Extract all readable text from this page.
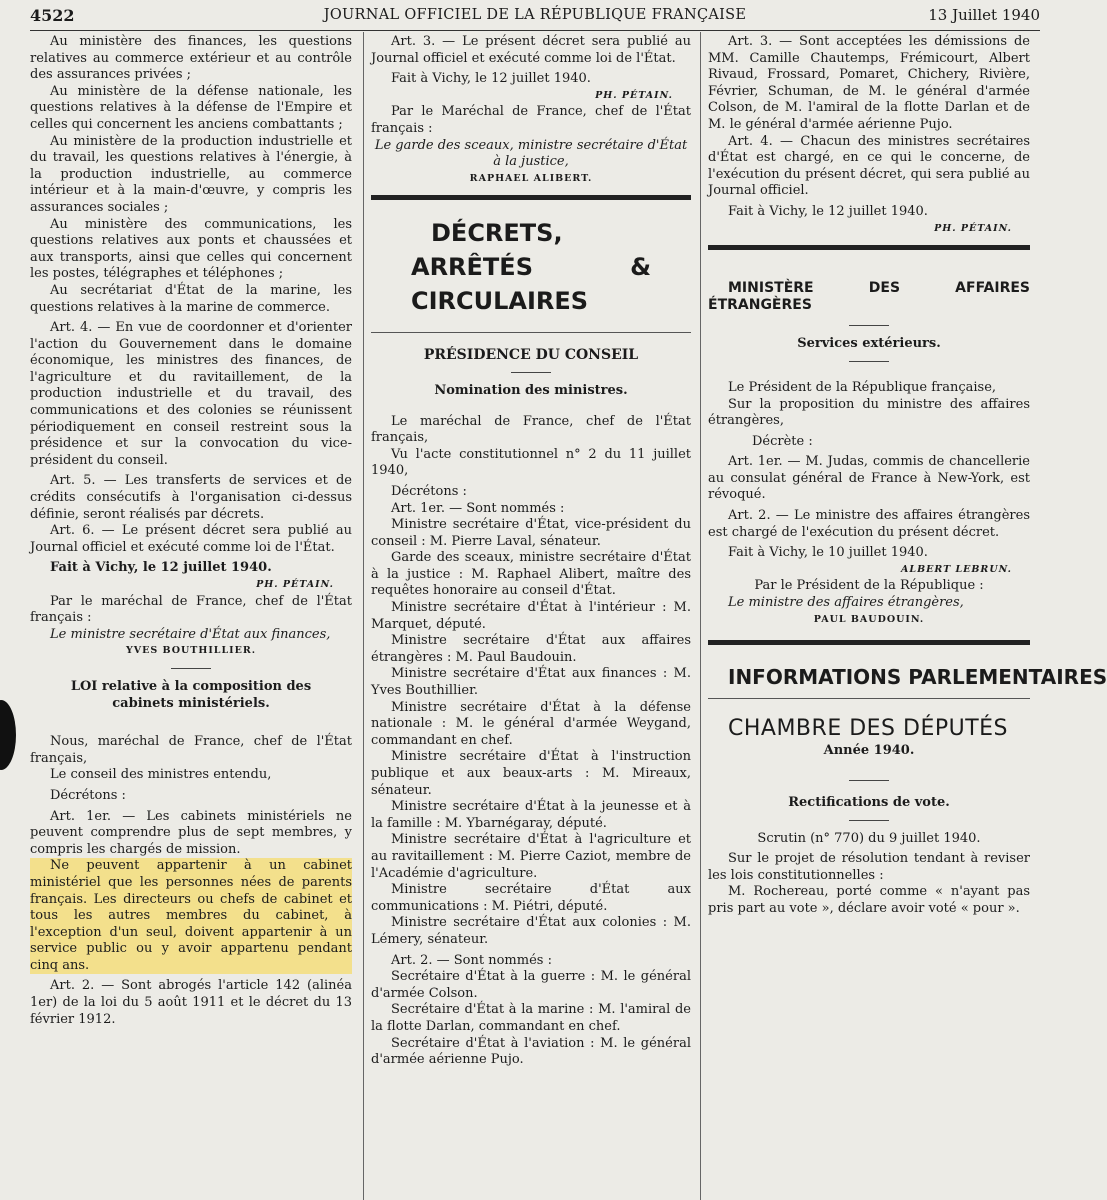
4522	JOURNAL OFFICIEL DE LA RÉPUBLIQUE FRANÇAISE	13 Juillet 1940

Au ministère des finances, les questions relatives au commerce extérieur et au contrôle des assurances privées ;

Au ministère de la défense nationale, les questions relatives à la défense de l'Empire et celles qui concernent les anciens combattants ;

Au ministère de la production industrielle et du travail, les questions relatives à l'énergie, à la production industrielle, au commerce intérieur et à la main-d'œuvre, y compris les assurances sociales ;

Au ministère des communications, les questions relatives aux ponts et chaussées et aux transports, ainsi que celles qui concernent les postes, télégraphes et téléphones ;

Au secrétariat d'État de la marine, les questions relatives à la marine de commerce.

Art. 4. — En vue de coordonner et d'orienter l'action du Gouvernement dans le domaine économique, les ministres des finances, de l'agriculture et du ravitaillement, de la production industrielle et du travail, des communications et des colonies se réunissent périodiquement en conseil restreint sous la présidence et sur la convocation du vice-président du conseil.

Art. 5. — Les transferts de services et de crédits consécutifs à l'organisation ci-dessus définie, seront réalisés par décrets.

Art. 6. — Le présent décret sera publié au Journal officiel et exécuté comme loi de l'État.

Fait à Vichy, le 12 juillet 1940.

PH. PÉTAIN.

Par le maréchal de France, chef de l'État français :

Le ministre secrétaire d'État aux finances,

YVES BOUTHILLIER.

LOI relative à la composition des cabinets ministériels.

Nous, maréchal de France, chef de l'État français,

Le conseil des ministres entendu,

Décrétons :

Art. 1er. — Les cabinets ministériels ne peuvent comprendre plus de sept membres, y compris les chargés de mission.

Ne peuvent appartenir à un cabinet ministériel que les personnes nées de parents français. Les directeurs ou chefs de cabinet et tous les autres membres du cabinet, à l'exception d'un seul, doivent appartenir à un service public ou y avoir appartenu pendant cinq ans.

Art. 2. — Sont abrogés l'article 142 (alinéa 1er) de la loi du 5 août 1911 et le décret du 13 février 1912.

Art. 3. — Le présent décret sera publié au Journal officiel et exécuté comme loi de l'État.

Fait à Vichy, le 12 juillet 1940.

PH. PÉTAIN.

Par le Maréchal de France, chef de l'État français :

Le garde des sceaux, ministre secrétaire d'État à la justice,

RAPHAEL ALIBERT.

DÉCRETS, ARRÊTÉS & CIRCULAIRES

PRÉSIDENCE DU CONSEIL

Nomination des ministres.

Le maréchal de France, chef de l'État français,

Vu l'acte constitutionnel n° 2 du 11 juillet 1940,

Décrétons :

Art. 1er. — Sont nommés :

Ministre secrétaire d'État, vice-président du conseil : M. Pierre Laval, sénateur.

Garde des sceaux, ministre secrétaire d'État à la justice : M. Raphael Alibert, maître des requêtes honoraire au conseil d'État.

Ministre secrétaire d'État à l'intérieur : M. Marquet, député.

Ministre secrétaire d'État aux affaires étrangères : M. Paul Baudouin.

Ministre secrétaire d'État aux finances : M. Yves Bouthillier.

Ministre secrétaire d'État à la défense nationale : M. le général d'armée Weygand, commandant en chef.

Ministre secrétaire d'État à l'instruction publique et aux beaux-arts : M. Mireaux, sénateur.

Ministre secrétaire d'État à la jeunesse et à la famille : M. Ybarnégaray, député.

Ministre secrétaire d'État à l'agriculture et au ravitaillement : M. Pierre Caziot, membre de l'Académie d'agriculture.

Ministre secrétaire d'État aux communications : M. Piétri, député.

Ministre secrétaire d'État aux colonies : M. Lémery, sénateur.

Art. 2. — Sont nommés :

Secrétaire d'État à la guerre : M. le général d'armée Colson.

Secrétaire d'État à la marine : M. l'amiral de la flotte Darlan, commandant en chef.

Secrétaire d'État à l'aviation : M. le général d'armée aérienne Pujo.

Art. 3. — Sont acceptées les démissions de MM. Camille Chautemps, Frémicourt, Albert Rivaud, Frossard, Pomaret, Chichery, Rivière, Février, Schuman, de M. le général d'armée Colson, de M. l'amiral de la flotte Darlan et de M. le général d'armée aérienne Pujo.

Art. 4. — Chacun des ministres secrétaires d'État est chargé, en ce qui le concerne, de l'exécution du présent décret, qui sera publié au Journal officiel.

Fait à Vichy, le 12 juillet 1940.

PH. PÉTAIN.

MINISTÈRE DES AFFAIRES ÉTRANGÈRES

Services extérieurs.

Le Président de la République française,

Sur la proposition du ministre des affaires étrangères,

Décrète :

Art. 1er. — M. Judas, commis de chancellerie au consulat général de France à New-York, est révoqué.

Art. 2. — Le ministre des affaires étrangères est chargé de l'exécution du présent décret.

Fait à Vichy, le 10 juillet 1940.

ALBERT LEBRUN.

Par le Président de la République :

Le ministre des affaires étrangères,

PAUL BAUDOUIN.

INFORMATIONS PARLEMENTAIRES

CHAMBRE DES DÉPUTÉS

Année 1940.

Rectifications de vote.

Scrutin (n° 770) du 9 juillet 1940.

Sur le projet de résolution tendant à reviser les lois constitutionnelles :

M. Rochereau, porté comme « n'ayant pas pris part au vote », déclare avoir voté « pour ».
